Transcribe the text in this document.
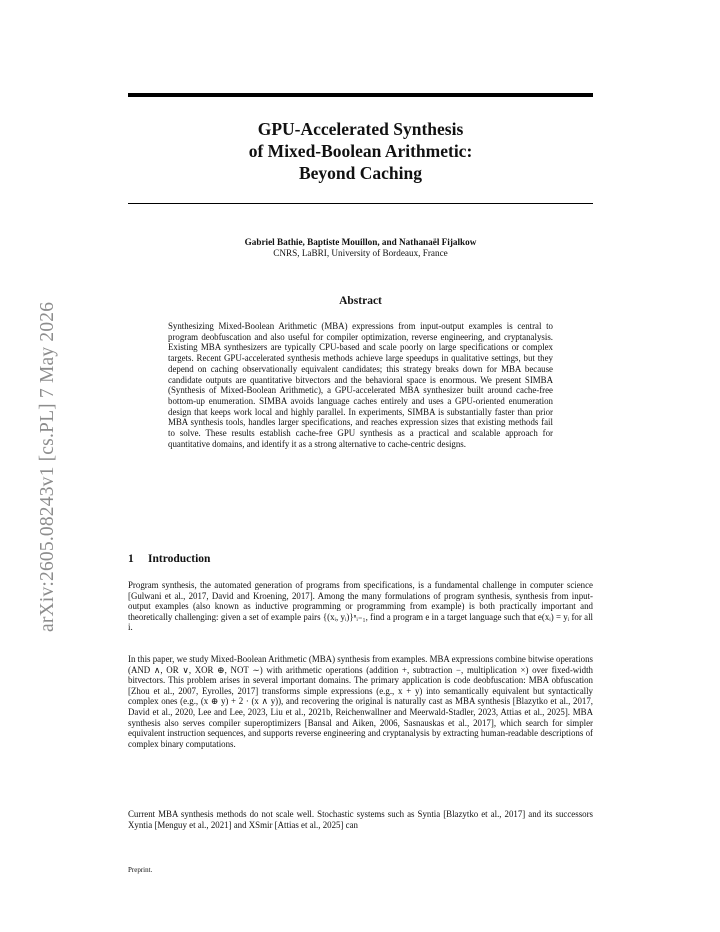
arXiv:2605.08243v1 [cs.PL] 7 May 2026
GPU-Accelerated Synthesis
of Mixed-Boolean Arithmetic:
Beyond Caching
Gabriel Bathie, Baptiste Mouillon, and Nathanaël Fijalkow
CNRS, LaBRI, University of Bordeaux, France
Abstract
Synthesizing Mixed-Boolean Arithmetic (MBA) expressions from input-output examples is central to program deobfuscation and also useful for compiler optimization, reverse engineering, and cryptanalysis. Existing MBA synthesizers are typically CPU-based and scale poorly on large specifications or complex targets. Recent GPU-accelerated synthesis methods achieve large speedups in qualitative settings, but they depend on caching observationally equivalent candidates; this strategy breaks down for MBA because candidate outputs are quantitative bitvectors and the behavioral space is enormous. We present SIMBA (Synthesis of Mixed-Boolean Arithmetic), a GPU-accelerated MBA synthesizer built around cache-free bottom-up enumeration. SIMBA avoids language caches entirely and uses a GPU-oriented enumeration design that keeps work local and highly parallel. In experiments, SIMBA is substantially faster than prior MBA synthesis tools, handles larger specifications, and reaches expression sizes that existing methods fail to solve. These results establish cache-free GPU synthesis as a practical and scalable approach for quantitative domains, and identify it as a strong alternative to cache-centric designs.
1 Introduction
Program synthesis, the automated generation of programs from specifications, is a fundamental challenge in computer science [Gulwani et al., 2017, David and Kroening, 2017]. Among the many formulations of program synthesis, synthesis from input-output examples (also known as inductive programming or programming from example) is both practically important and theoretically challenging: given a set of example pairs {(xᵢ, yᵢ)}ⁿᵢ₌₁, find a program e in a target language such that e(xᵢ) = yᵢ for all i.
In this paper, we study Mixed-Boolean Arithmetic (MBA) synthesis from examples. MBA expressions combine bitwise operations (AND ∧, OR ∨, XOR ⊕, NOT ∼) with arithmetic operations (addition +, subtraction −, multiplication ×) over fixed-width bitvectors. This problem arises in several important domains. The primary application is code deobfuscation: MBA obfuscation [Zhou et al., 2007, Eyrolles, 2017] transforms simple expressions (e.g., x + y) into semantically equivalent but syntactically complex ones (e.g., (x ⊕ y) + 2 · (x ∧ y)), and recovering the original is naturally cast as MBA synthesis [Blazytko et al., 2017, David et al., 2020, Lee and Lee, 2023, Liu et al., 2021b, Reichenwallner and Meerwald-Stadler, 2023, Attias et al., 2025]. MBA synthesis also serves compiler superoptimizers [Bansal and Aiken, 2006, Sasnauskas et al., 2017], which search for simpler equivalent instruction sequences, and supports reverse engineering and cryptanalysis by extracting human-readable descriptions of complex binary computations.
Current MBA synthesis methods do not scale well. Stochastic systems such as Syntia [Blazytko et al., 2017] and its successors Xyntia [Menguy et al., 2021] and XSmir [Attias et al., 2025] can
Preprint.
